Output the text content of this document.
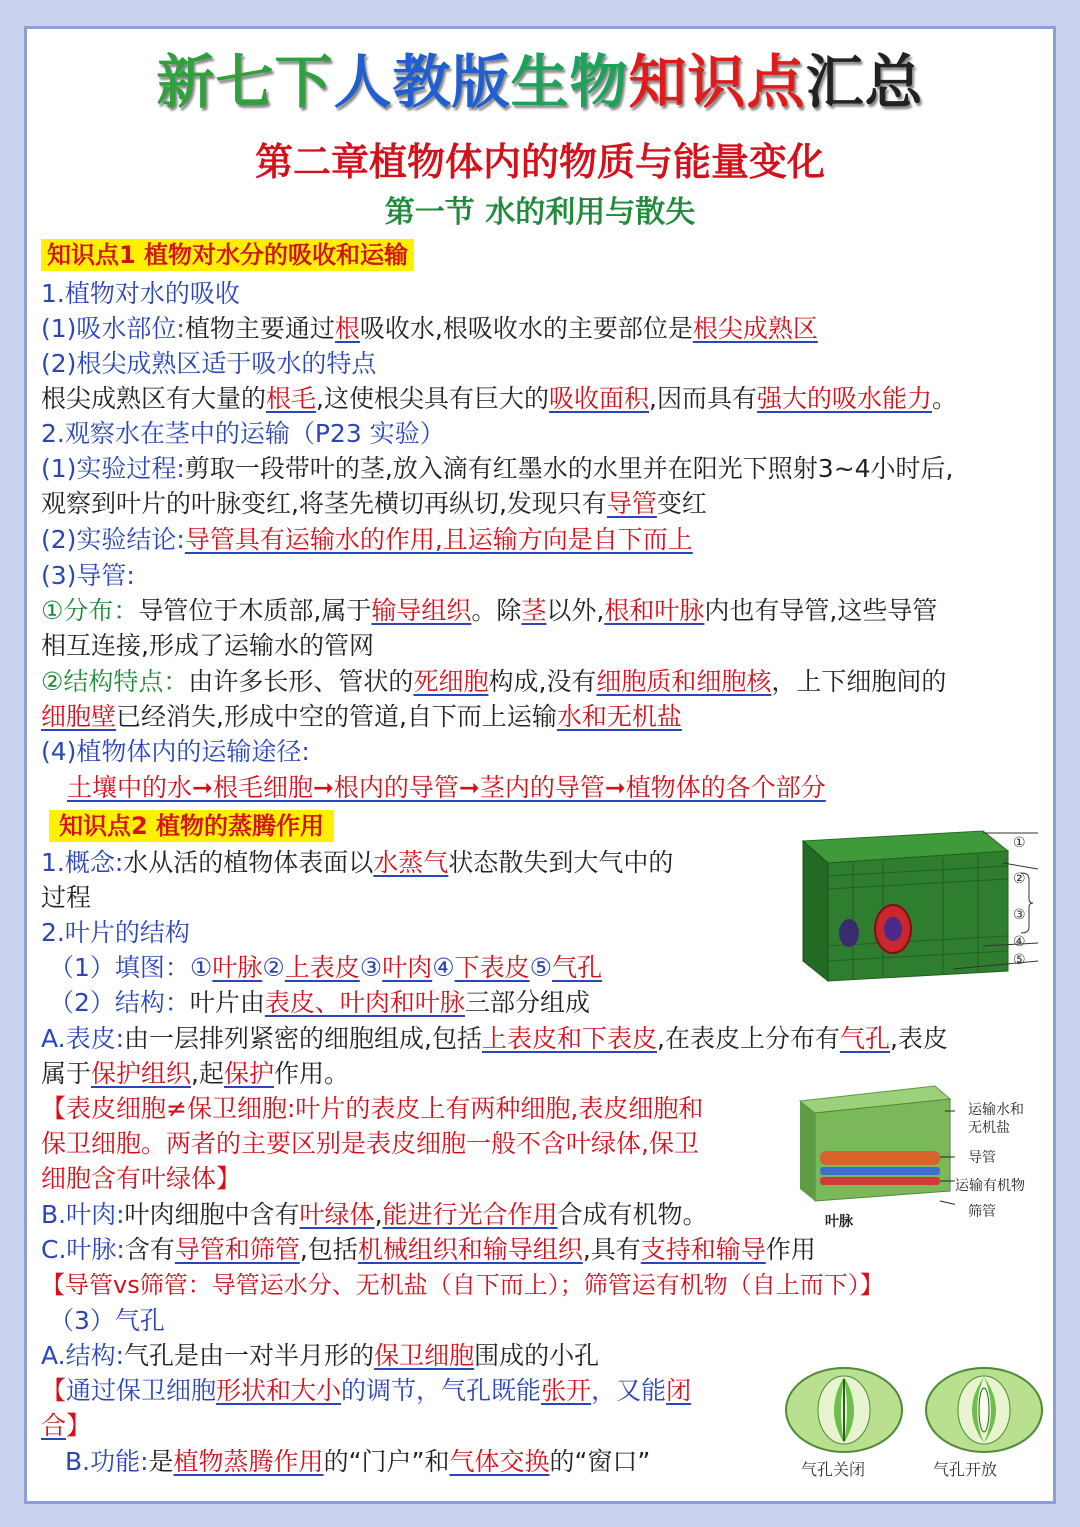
新七下人教版生物知识点汇总
第二章植物体内的物质与能量变化
第一节 水的利用与散失
知识点1 植物对水分的吸收和运输
1.植物对水的吸收
(1)吸水部位:植物主要通过根吸收水,根吸收水的主要部位是根尖成熟区
(2)根尖成熟区适于吸水的特点
根尖成熟区有大量的根毛,这使根尖具有巨大的吸收面积,因而具有强大的吸水能力。
2.观察水在茎中的运输（P23 实验）
(1)实验过程:剪取一段带叶的茎,放入滴有红墨水的水里并在阳光下照射3~4小时后,
观察到叶片的叶脉变红,将茎先横切再纵切,发现只有导管变红
(2)实验结论:导管具有运输水的作用,且运输方向是自下而上
(3)导管:
①分布：导管位于木质部,属于输导组织。除茎以外,根和叶脉内也有导管,这些导管
相互连接,形成了运输水的管网
②结构特点：由许多长形、管状的死细胞构成,没有细胞质和细胞核，上下细胞间的
细胞壁已经消失,形成中空的管道,自下而上运输水和无机盐
(4)植物体内的运输途径:
土壤中的水➞根毛细胞➞根内的导管➞茎内的导管➞植物体的各个部分
知识点2 植物的蒸腾作用
1.概念:水从活的植物体表面以水蒸气状态散失到大气中的
过程
2.叶片的结构
（1）填图：①叶脉②上表皮③叶肉④下表皮⑤气孔
（2）结构：叶片由表皮、叶肉和叶脉三部分组成
A.表皮:由一层排列紧密的细胞组成,包括上表皮和下表皮,在表皮上分布有气孔,表皮
属于保护组织,起保护作用。
【表皮细胞≠保卫细胞:叶片的表皮上有两种细胞,表皮细胞和
保卫细胞。两者的主要区别是表皮细胞一般不含叶绿体,保卫
细胞含有叶绿体】
B.叶肉:叶肉细胞中含有叶绿体,能进行光合作用合成有机物。
C.叶脉:含有导管和筛管,包括机械组织和输导组织,具有支持和输导作用
【导管vs筛管：导管运水分、无机盐（自下而上）；筛管运有机物（自上而下）】
（3）气孔
A.结构:气孔是由一对半月形的保卫细胞围成的小孔
【通过保卫细胞形状和大小的调节，气孔既能张开，又能闭
合】
B.功能:是植物蒸腾作用的“门户”和气体交换的“窗口”
①
②
③
④
⑤
运输水和
无机盐
导管
运输有机物
筛管
叶脉
气孔关闭	气孔开放
